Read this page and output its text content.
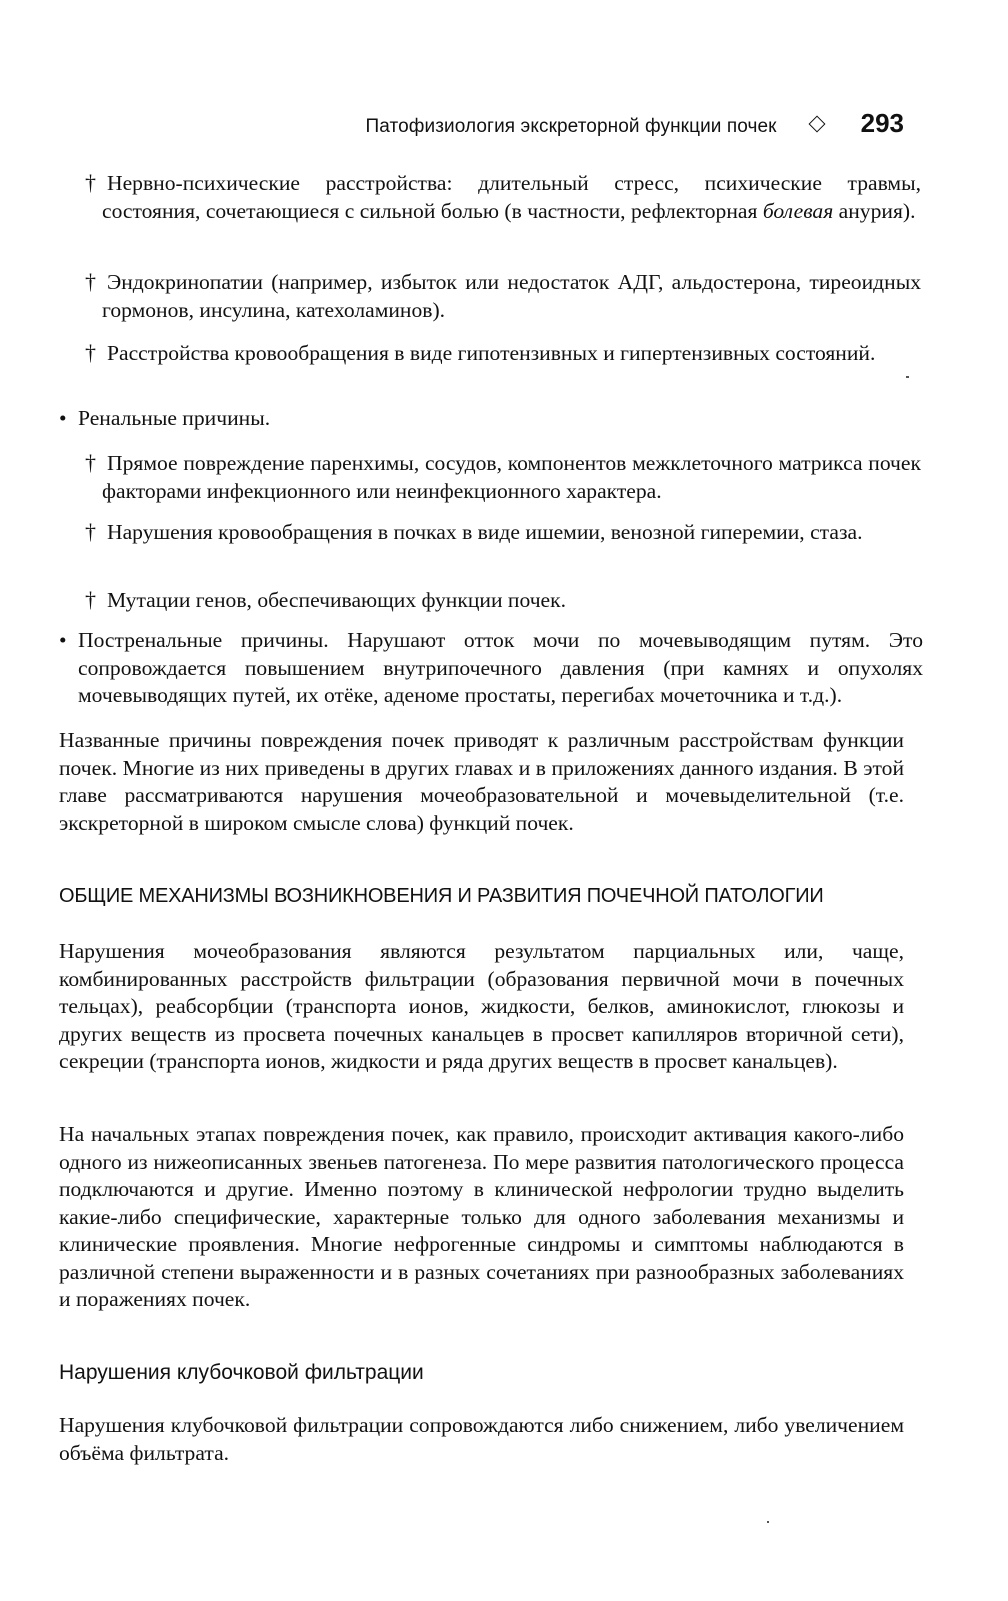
Патофизиология экскреторной функции почек	293
† Нервно-психические расстройства: длительный стресс, психические травмы, состояния, сочетающиеся с сильной болью (в частности, рефлекторная болевая анурия).
† Эндокринопатии (например, избыток или недостаток АДГ, альдостерона, тиреоидных гормонов, инсулина, катехоламинов).
† Расстройства кровообращения в виде гипотензивных и гипертензивных состояний.
• Ренальные причины.
† Прямое повреждение паренхимы, сосудов, компонентов межклеточного матрикса почек факторами инфекционного или неинфекционного характера.
† Нарушения кровообращения в почках в виде ишемии, венозной гиперемии, стаза.
† Мутации генов, обеспечивающих функции почек.
• Постренальные причины. Нарушают отток мочи по мочевыводящим путям. Это сопровождается повышением внутрипочечного давления (при камнях и опухолях мочевыводящих путей, их отёке, аденоме простаты, перегибах мочеточника и т.д.).

Названные причины повреждения почек приводят к различным расстройствам функции почек. Многие из них приведены в других главах и в приложениях данного издания. В этой главе рассматриваются нарушения мочеобразовательной и мочевыделительной (т.е. экскреторной в широком смысле слова) функций почек.

ОБЩИЕ МЕХАНИЗМЫ ВОЗНИКНОВЕНИЯ И РАЗВИТИЯ ПОЧЕЧНОЙ ПАТОЛОГИИ

Нарушения мочеобразования являются результатом парциальных или, чаще, комбинированных расстройств фильтрации (образования первичной мочи в почечных тельцах), реабсорбции (транспорта ионов, жидкости, белков, аминокислот, глюкозы и других веществ из просвета почечных канальцев в просвет капилляров вторичной сети), секреции (транспорта ионов, жидкости и ряда других веществ в просвет канальцев).

На начальных этапах повреждения почек, как правило, происходит активация какого-либо одного из нижеописанных звеньев патогенеза. По мере развития патологического процесса подключаются и другие. Именно поэтому в клинической нефрологии трудно выделить какие-либо специфические, характерные только для одного заболевания механизмы и клинические проявления. Многие нефрогенные синдромы и симптомы наблюдаются в различной степени выраженности и в разных сочетаниях при разнообразных заболеваниях и поражениях почек.

Нарушения клубочковой фильтрации

Нарушения клубочковой фильтрации сопровождаются либо снижением, либо увеличением объёма фильтрата.
